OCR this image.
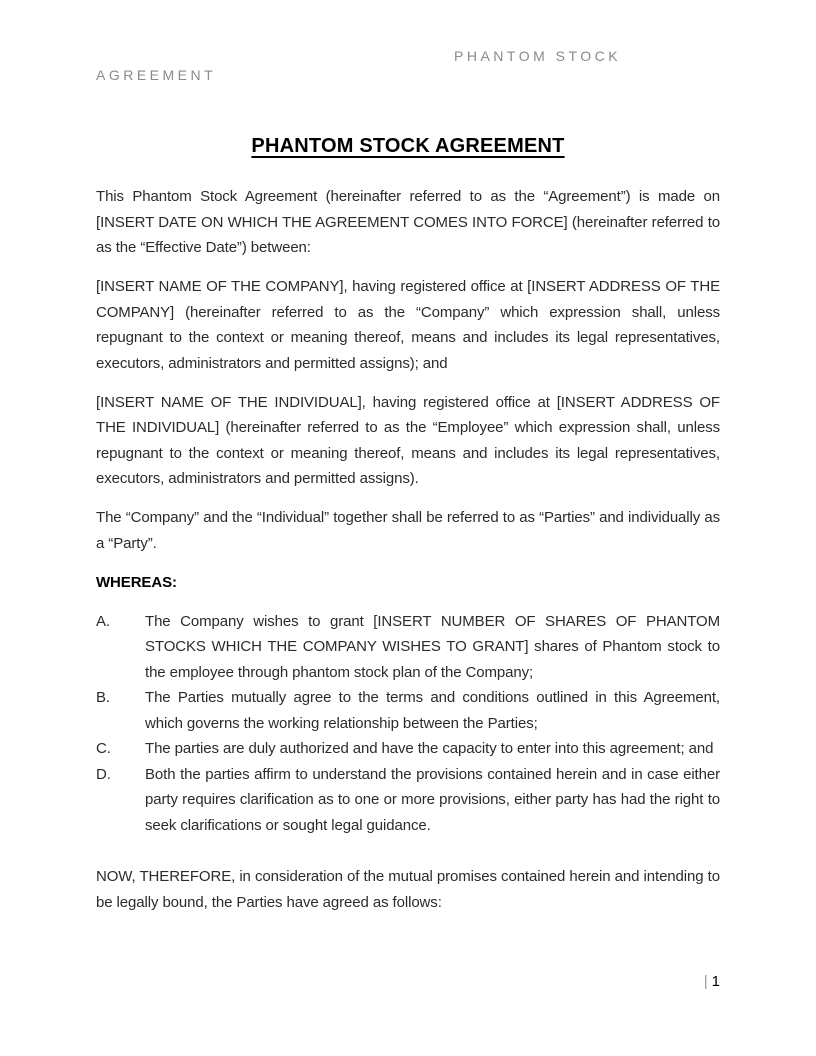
PHANTOM STOCK
AGREEMENT
PHANTOM STOCK AGREEMENT

This Phantom Stock Agreement (hereinafter referred to as the “Agreement”) is made on [INSERT DATE ON WHICH THE AGREEMENT COMES INTO FORCE] (hereinafter referred to as the “Effective Date”) between:

[INSERT NAME OF THE COMPANY], having registered office at [INSERT ADDRESS OF THE COMPANY] (hereinafter referred to as the “Company” which expression shall, unless repugnant to the context or meaning thereof, means and includes its legal representatives, executors, administrators and permitted assigns); and

[INSERT NAME OF THE INDIVIDUAL], having registered office at [INSERT ADDRESS OF THE INDIVIDUAL] (hereinafter referred to as the “Employee” which expression shall, unless repugnant to the context or meaning thereof, means and includes its legal representatives, executors, administrators and permitted assigns).

The “Company” and the “Individual” together shall be referred to as “Parties” and individually as a “Party”.

WHEREAS:
A. The Company wishes to grant [INSERT NUMBER OF SHARES OF PHANTOM STOCKS WHICH THE COMPANY WISHES TO GRANT] shares of Phantom stock to the employee through phantom stock plan of the Company;
B. The Parties mutually agree to the terms and conditions outlined in this Agreement, which governs the working relationship between the Parties;
C. The parties are duly authorized and have the capacity to enter into this agreement; and
D. Both the parties affirm to understand the provisions contained herein and in case either party requires clarification as to one or more provisions, either party has had the right to seek clarifications or sought legal guidance.

NOW, THEREFORE, in consideration of the mutual promises contained herein and intending to be legally bound, the Parties have agreed as follows:

| 1
